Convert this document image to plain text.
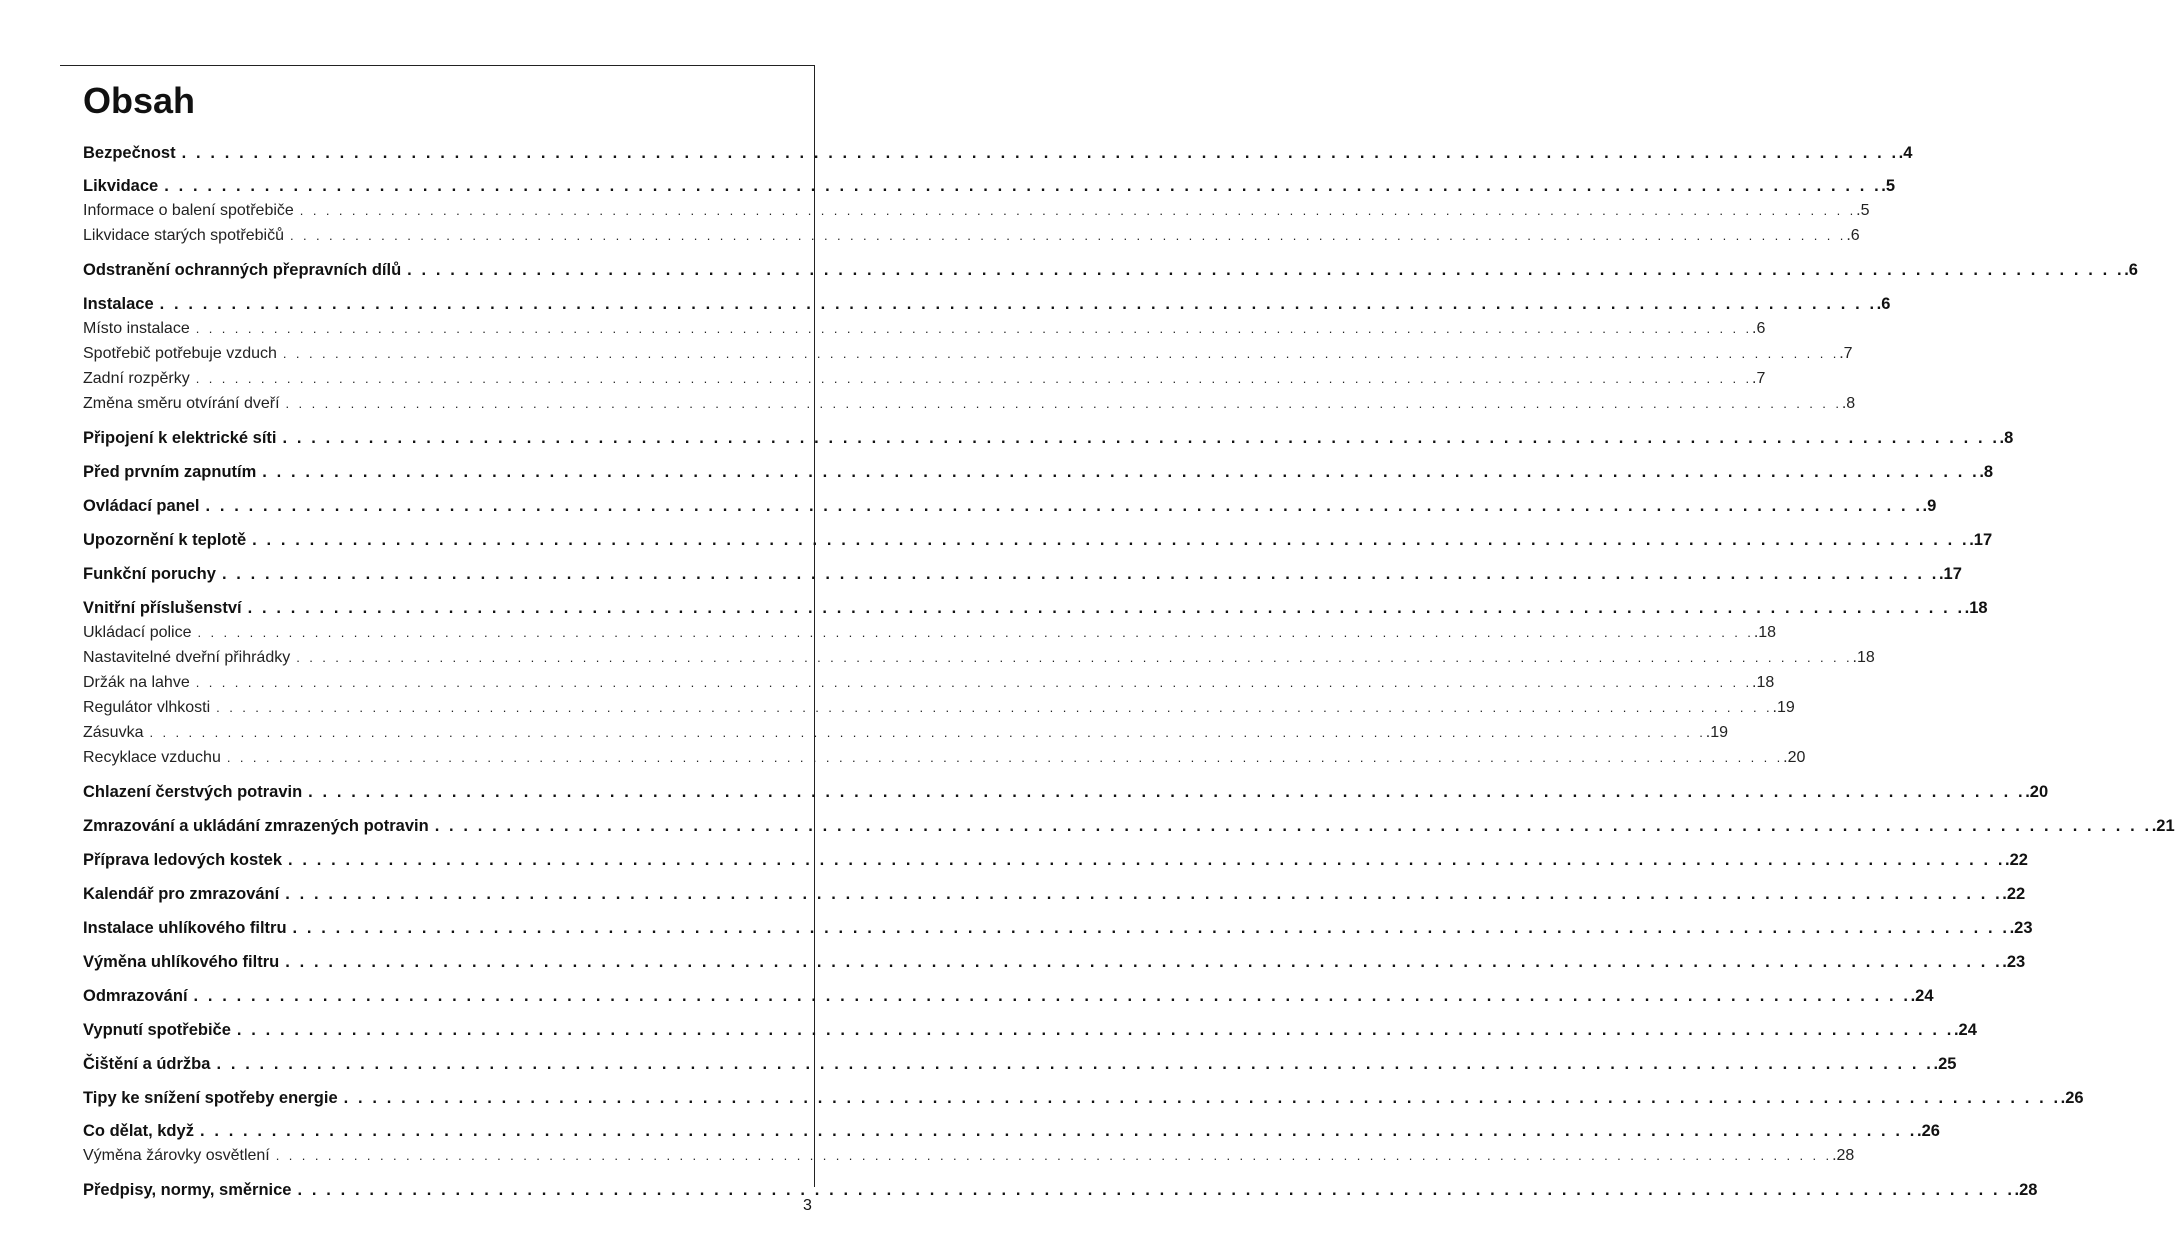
Obsah
Bezpečnost . . . . . . . . . . . . . . . . . . . . . . . . . . . . . . . . . . . . . . . . . . . . . . . . . . . . . . . . . . . . . . . . . . . . . . . . . . . . . . . . . . . . . . . . . . . . . . . . . . . . . . . . . . . . . . . . . . . . . . . . .4
Likvidace . . . . . . . . . . . . . . . . . . . . . . . . . . . . . . . . . . . . . . . . . . . . . . . . . . . . . . . . . . . . . . . . . . . . . . . . . . . . . . . . . . . . . . . . . . . . . . . . . . . . . . . . . . . . . . . . . . . . . . . . .5
Informace o balení spotřebiče . . . . . . . . . . . . . . . . . . . . . . . . . . . . . . . . . . . . . . . . . . . . . . . . . . . . . . . . . . . . . . . . . . . . . . . . . . . . . . . . . . . . . . . . . . . . . . . . . . . . . . . . . . . . . . . . . . . . . . . . .5
Likvidace starých spotřebičů . . . . . . . . . . . . . . . . . . . . . . . . . . . . . . . . . . . . . . . . . . . . . . . . . . . . . . . . . . . . . . . . . . . . . . . . . . . . . . . . . . . . . . . . . . . . . . . . . . . . . . . . . . . . . . . . . . . . . . . . .6
Odstranění ochranných přepravních dílů . . . . . . . . . . . . . . . . . . . . . . . . . . . . . . . . . . . . . . . . . . . . . . . . . . . . . . . . . . . . . . . . . . . . . . . . . . . . . . . . . . . . . . . . . . . . . . . . . . . . . . . . . . . . . . . . . . . . . . . . .6
Instalace . . . . . . . . . . . . . . . . . . . . . . . . . . . . . . . . . . . . . . . . . . . . . . . . . . . . . . . . . . . . . . . . . . . . . . . . . . . . . . . . . . . . . . . . . . . . . . . . . . . . . . . . . . . . . . . . . . . . . . . . .6
Místo instalace . . . . . . . . . . . . . . . . . . . . . . . . . . . . . . . . . . . . . . . . . . . . . . . . . . . . . . . . . . . . . . . . . . . . . . . . . . . . . . . . . . . . . . . . . . . . . . . . . . . . . . . . . . . . . . . . . . . . . . . . .6
Spotřebič potřebuje vzduch . . . . . . . . . . . . . . . . . . . . . . . . . . . . . . . . . . . . . . . . . . . . . . . . . . . . . . . . . . . . . . . . . . . . . . . . . . . . . . . . . . . . . . . . . . . . . . . . . . . . . . . . . . . . . . . . . . . . . . . . .7
Zadní rozpěrky . . . . . . . . . . . . . . . . . . . . . . . . . . . . . . . . . . . . . . . . . . . . . . . . . . . . . . . . . . . . . . . . . . . . . . . . . . . . . . . . . . . . . . . . . . . . . . . . . . . . . . . . . . . . . . . . . . . . . . . . .7
Změna směru otvírání dveří . . . . . . . . . . . . . . . . . . . . . . . . . . . . . . . . . . . . . . . . . . . . . . . . . . . . . . . . . . . . . . . . . . . . . . . . . . . . . . . . . . . . . . . . . . . . . . . . . . . . . . . . . . . . . . . . . . . . . . . . .8
Připojení k elektrické síti . . . . . . . . . . . . . . . . . . . . . . . . . . . . . . . . . . . . . . . . . . . . . . . . . . . . . . . . . . . . . . . . . . . . . . . . . . . . . . . . . . . . . . . . . . . . . . . . . . . . . . . . . . . . . . . . . . . . . . . . .8
Před prvním zapnutím . . . . . . . . . . . . . . . . . . . . . . . . . . . . . . . . . . . . . . . . . . . . . . . . . . . . . . . . . . . . . . . . . . . . . . . . . . . . . . . . . . . . . . . . . . . . . . . . . . . . . . . . . . . . . . . . . . . . . . . . .8
Ovládací panel . . . . . . . . . . . . . . . . . . . . . . . . . . . . . . . . . . . . . . . . . . . . . . . . . . . . . . . . . . . . . . . . . . . . . . . . . . . . . . . . . . . . . . . . . . . . . . . . . . . . . . . . . . . . . . . . . . . . . . . . .9
Upozornění k teplotě . . . . . . . . . . . . . . . . . . . . . . . . . . . . . . . . . . . . . . . . . . . . . . . . . . . . . . . . . . . . . . . . . . . . . . . . . . . . . . . . . . . . . . . . . . . . . . . . . . . . . . . . . . . . . . . . . . . . . . . . .17
Funkční poruchy . . . . . . . . . . . . . . . . . . . . . . . . . . . . . . . . . . . . . . . . . . . . . . . . . . . . . . . . . . . . . . . . . . . . . . . . . . . . . . . . . . . . . . . . . . . . . . . . . . . . . . . . . . . . . . . . . . . . . . . . .17
Vnitřní příslušenství . . . . . . . . . . . . . . . . . . . . . . . . . . . . . . . . . . . . . . . . . . . . . . . . . . . . . . . . . . . . . . . . . . . . . . . . . . . . . . . . . . . . . . . . . . . . . . . . . . . . . . . . . . . . . . . . . . . . . . . . .18
Ukládací police . . . . . . . . . . . . . . . . . . . . . . . . . . . . . . . . . . . . . . . . . . . . . . . . . . . . . . . . . . . . . . . . . . . . . . . . . . . . . . . . . . . . . . . . . . . . . . . . . . . . . . . . . . . . . . . . . . . . . . . . .18
Nastavitelné dveřní přihrádky . . . . . . . . . . . . . . . . . . . . . . . . . . . . . . . . . . . . . . . . . . . . . . . . . . . . . . . . . . . . . . . . . . . . . . . . . . . . . . . . . . . . . . . . . . . . . . . . . . . . . . . . . . . . . . . . . . . . . . . . .18
Držák na lahve . . . . . . . . . . . . . . . . . . . . . . . . . . . . . . . . . . . . . . . . . . . . . . . . . . . . . . . . . . . . . . . . . . . . . . . . . . . . . . . . . . . . . . . . . . . . . . . . . . . . . . . . . . . . . . . . . . . . . . . . .18
Regulátor vlhkosti . . . . . . . . . . . . . . . . . . . . . . . . . . . . . . . . . . . . . . . . . . . . . . . . . . . . . . . . . . . . . . . . . . . . . . . . . . . . . . . . . . . . . . . . . . . . . . . . . . . . . . . . . . . . . . . . . . . . . . . . .19
Zásuvka . . . . . . . . . . . . . . . . . . . . . . . . . . . . . . . . . . . . . . . . . . . . . . . . . . . . . . . . . . . . . . . . . . . . . . . . . . . . . . . . . . . . . . . . . . . . . . . . . . . . . . . . . . . . . . . . . . . . . . . . .19
Recyklace vzduchu . . . . . . . . . . . . . . . . . . . . . . . . . . . . . . . . . . . . . . . . . . . . . . . . . . . . . . . . . . . . . . . . . . . . . . . . . . . . . . . . . . . . . . . . . . . . . . . . . . . . . . . . . . . . . . . . . . . . . . . . .20
Chlazení čerstvých potravin . . . . . . . . . . . . . . . . . . . . . . . . . . . . . . . . . . . . . . . . . . . . . . . . . . . . . . . . . . . . . . . . . . . . . . . . . . . . . . . . . . . . . . . . . . . . . . . . . . . . . . . . . . . . . . . . . . . . . . . . .20
Zmrazování a ukládání zmrazených potravin . . . . . . . . . . . . . . . . . . . . . . . . . . . . . . . . . . . . . . . . . . . . . . . . . . . . . . . . . . . . . . . . . . . . . . . . . . . . . . . . . . . . . . . . . . . . . . . . . . . . . . . . . . . . . . . . . . . . . . . . .21
Příprava ledových kostek . . . . . . . . . . . . . . . . . . . . . . . . . . . . . . . . . . . . . . . . . . . . . . . . . . . . . . . . . . . . . . . . . . . . . . . . . . . . . . . . . . . . . . . . . . . . . . . . . . . . . . . . . . . . . . . . . . . . . . . . .22
Kalendář pro zmrazování . . . . . . . . . . . . . . . . . . . . . . . . . . . . . . . . . . . . . . . . . . . . . . . . . . . . . . . . . . . . . . . . . . . . . . . . . . . . . . . . . . . . . . . . . . . . . . . . . . . . . . . . . . . . . . . . . . . . . . . . .22
Instalace uhlíkového filtru . . . . . . . . . . . . . . . . . . . . . . . . . . . . . . . . . . . . . . . . . . . . . . . . . . . . . . . . . . . . . . . . . . . . . . . . . . . . . . . . . . . . . . . . . . . . . . . . . . . . . . . . . . . . . . . . . . . . . . . . .23
Výměna uhlíkového filtru . . . . . . . . . . . . . . . . . . . . . . . . . . . . . . . . . . . . . . . . . . . . . . . . . . . . . . . . . . . . . . . . . . . . . . . . . . . . . . . . . . . . . . . . . . . . . . . . . . . . . . . . . . . . . . . . . . . . . . . . .23
Odmrazování . . . . . . . . . . . . . . . . . . . . . . . . . . . . . . . . . . . . . . . . . . . . . . . . . . . . . . . . . . . . . . . . . . . . . . . . . . . . . . . . . . . . . . . . . . . . . . . . . . . . . . . . . . . . . . . . . . . . . . . . .24
Vypnutí spotřebiče . . . . . . . . . . . . . . . . . . . . . . . . . . . . . . . . . . . . . . . . . . . . . . . . . . . . . . . . . . . . . . . . . . . . . . . . . . . . . . . . . . . . . . . . . . . . . . . . . . . . . . . . . . . . . . . . . . . . . . . . .24
Čištění a údržba . . . . . . . . . . . . . . . . . . . . . . . . . . . . . . . . . . . . . . . . . . . . . . . . . . . . . . . . . . . . . . . . . . . . . . . . . . . . . . . . . . . . . . . . . . . . . . . . . . . . . . . . . . . . . . . . . . . . . . . . .25
Tipy ke snížení spotřeby energie . . . . . . . . . . . . . . . . . . . . . . . . . . . . . . . . . . . . . . . . . . . . . . . . . . . . . . . . . . . . . . . . . . . . . . . . . . . . . . . . . . . . . . . . . . . . . . . . . . . . . . . . . . . . . . . . . . . . . . . . .26
Co dělat, když . . . . . . . . . . . . . . . . . . . . . . . . . . . . . . . . . . . . . . . . . . . . . . . . . . . . . . . . . . . . . . . . . . . . . . . . . . . . . . . . . . . . . . . . . . . . . . . . . . . . . . . . . . . . . . . . . . . . . . . . .26
Výměna žárovky osvětlení . . . . . . . . . . . . . . . . . . . . . . . . . . . . . . . . . . . . . . . . . . . . . . . . . . . . . . . . . . . . . . . . . . . . . . . . . . . . . . . . . . . . . . . . . . . . . . . . . . . . . . . . . . . . . . . . . . . . . . . . .28
Předpisy, normy, směrnice . . . . . . . . . . . . . . . . . . . . . . . . . . . . . . . . . . . . . . . . . . . . . . . . . . . . . . . . . . . . . . . . . . . . . . . . . . . . . . . . . . . . . . . . . . . . . . . . . . . . . . . . . . . . . . . . . . . . . . . . .28
3
